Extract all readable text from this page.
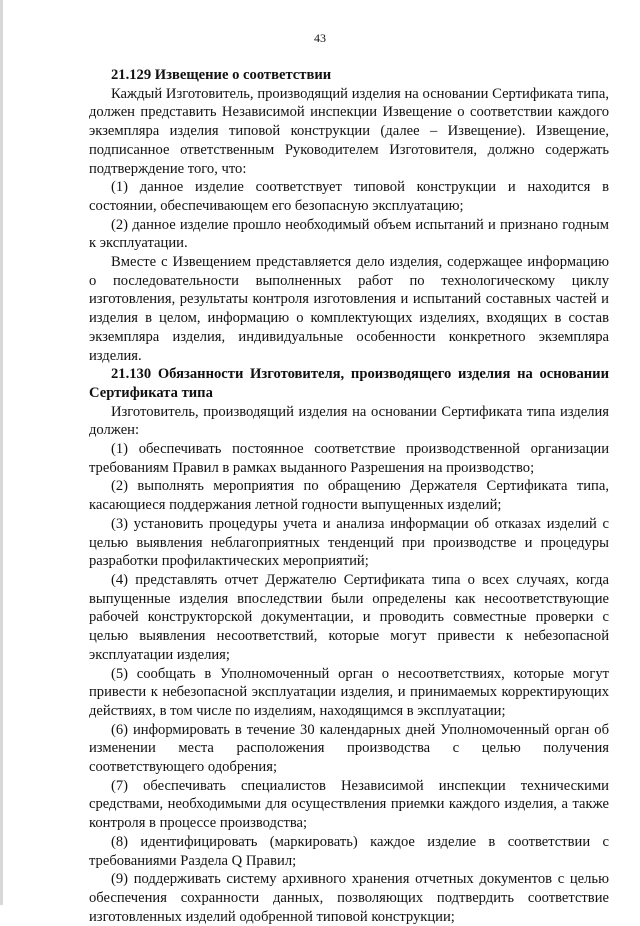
43

21.129 Извещение о соответствии

Каждый Изготовитель, производящий изделия на основании Сертификата типа, должен представить Независимой инспекции Извещение о соответствии каждого экземпляра изделия типовой конструкции (далее – Извещение). Извещение, подписанное ответственным Руководителем Изготовителя, должно содержать подтверждение того, что:

(1) данное изделие соответствует типовой конструкции и находится в состоянии, обеспечивающем его безопасную эксплуатацию;

(2) данное изделие прошло необходимый объем испытаний и признано годным к эксплуатации.

Вместе с Извещением представляется дело изделия, содержащее информацию о последовательности выполненных работ по технологическому циклу изготовления, результаты контроля изготовления и испытаний составных частей и изделия в целом, информацию о комплектующих изделиях, входящих в состав экземпляра изделия, индивидуальные особенности конкретного экземпляра изделия.

21.130 Обязанности Изготовителя, производящего изделия на основании Сертификата типа

Изготовитель, производящий изделия на основании Сертификата типа изделия должен:

(1) обеспечивать постоянное соответствие производственной организации требованиям Правил в рамках выданного Разрешения на производство;

(2) выполнять мероприятия по обращению Держателя Сертификата типа, касающиеся поддержания летной годности выпущенных изделий;

(3) установить процедуры учета и анализа информации об отказах изделий с целью выявления неблагоприятных тенденций при производстве и процедуры разработки профилактических мероприятий;

(4) представлять отчет Держателю Сертификата типа о всех случаях, когда выпущенные изделия впоследствии были определены как несоответствующие рабочей конструкторской документации, и проводить совместные проверки с целью выявления несоответствий, которые могут привести к небезопасной эксплуатации изделия;

(5) сообщать в Уполномоченный орган о несоответствиях, которые могут привести к небезопасной эксплуатации изделия, и принимаемых корректирующих действиях, в том числе по изделиям, находящимся в эксплуатации;

(6) информировать в течение 30 календарных дней Уполномоченный орган об изменении места расположения производства с целью получения соответствующего одобрения;

(7) обеспечивать специалистов Независимой инспекции техническими средствами, необходимыми для осуществления приемки каждого изделия, а также контроля в процессе производства;

(8) идентифицировать (маркировать) каждое изделие в соответствии с требованиями Раздела Q Правил;

(9) поддерживать систему архивного хранения отчетных документов с целью обеспечения сохранности данных, позволяющих подтвердить соответствие изготовленных изделий одобренной типовой конструкции;
